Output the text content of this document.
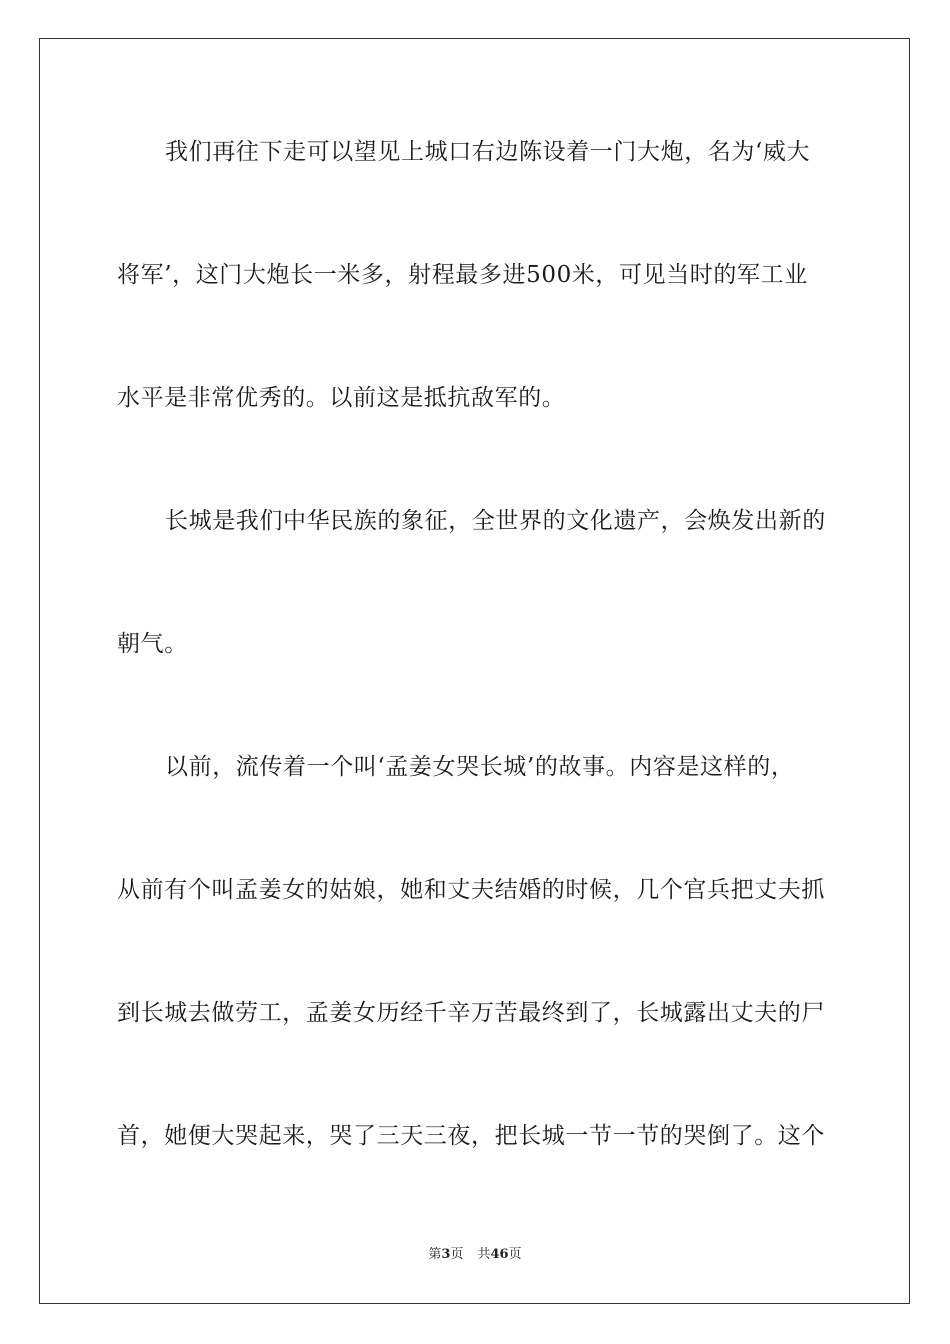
我们再往下走可以望见上城口右边陈设着一门大炮，名为‘威大
将军’，这门大炮长一米多，射程最多进500米，可见当时的军工业
水平是非常优秀的。以前这是抵抗敌军的。
长城是我们中华民族的象征，全世界的文化遗产，会焕发出新的
朝气。
以前，流传着一个叫‘孟姜女哭长城’的故事。内容是这样的，
从前有个叫孟姜女的姑娘，她和丈夫结婚的时候，几个官兵把丈夫抓
到长城去做劳工，孟姜女历经千辛万苦最终到了，长城露出丈夫的尸
首，她便大哭起来，哭了三天三夜，把长城一节一节的哭倒了。这个
第3页 共46页
